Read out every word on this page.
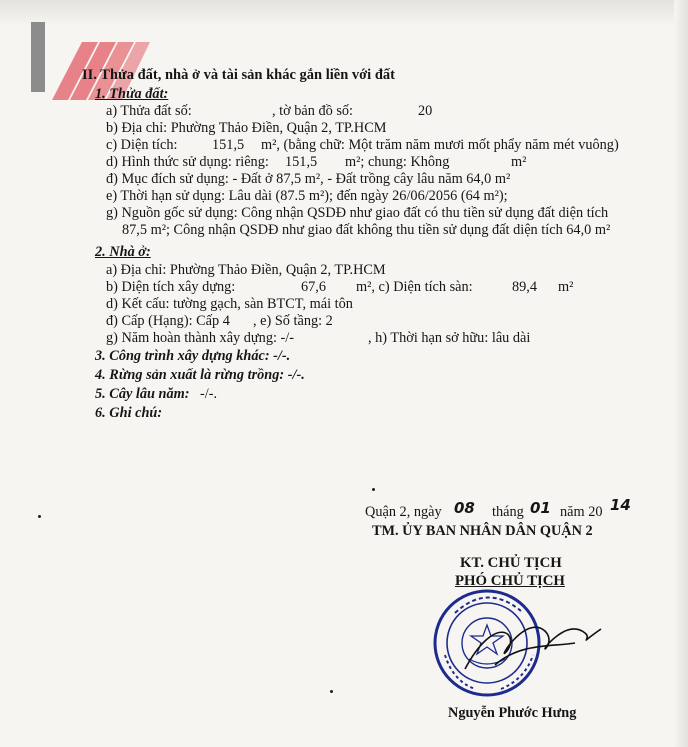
II. Thửa đất, nhà ở và tài sản khác gắn liền với đất
1. Thửa đất:
a) Thửa đất số:	, tờ bản đồ số:	20
b) Địa chỉ: Phường Thảo Điền, Quận 2, TP.HCM
c) Diện tích: 151,5 m², (bằng chữ: Một trăm năm mươi mốt phẩy năm mét vuông)
d) Hình thức sử dụng: riêng: 151,5 m²; chung: Không	m²
đ) Mục đích sử dụng: - Đất ở 87,5 m², - Đất trồng cây lâu năm 64,0 m²
e) Thời hạn sử dụng: Lâu dài (87.5 m²); đến ngày 26/06/2056 (64 m²);
g) Nguồn gốc sử dụng: Công nhận QSDĐ như giao đất có thu tiền sử dụng đất diện tích
87,5 m²; Công nhận QSDĐ như giao đất không thu tiền sử dụng đất diện tích 64,0 m²
2. Nhà ở:
a) Địa chỉ: Phường Thảo Điền, Quận 2, TP.HCM
b) Diện tích xây dựng:	67,6 m², c) Diện tích sàn:	89,4 m²
d) Kết cấu: tường gạch, sàn BTCT, mái tôn
đ) Cấp (Hạng): Cấp 4 , e) Số tầng: 2
g) Năm hoàn thành xây dựng: -/-	, h) Thời hạn sở hữu: lâu dài
3. Công trình xây dựng khác: -/-.
4. Rừng sản xuất là rừng trồng: -/-.
5. Cây lâu năm: -/-.
6. Ghi chú:
Quận 2, ngày 08 tháng 01 năm 20 14
TM. ỦY BAN NHÂN DÂN QUẬN 2
KT. CHỦ TỊCH
PHÓ CHỦ TỊCH
Nguyễn Phước Hưng
